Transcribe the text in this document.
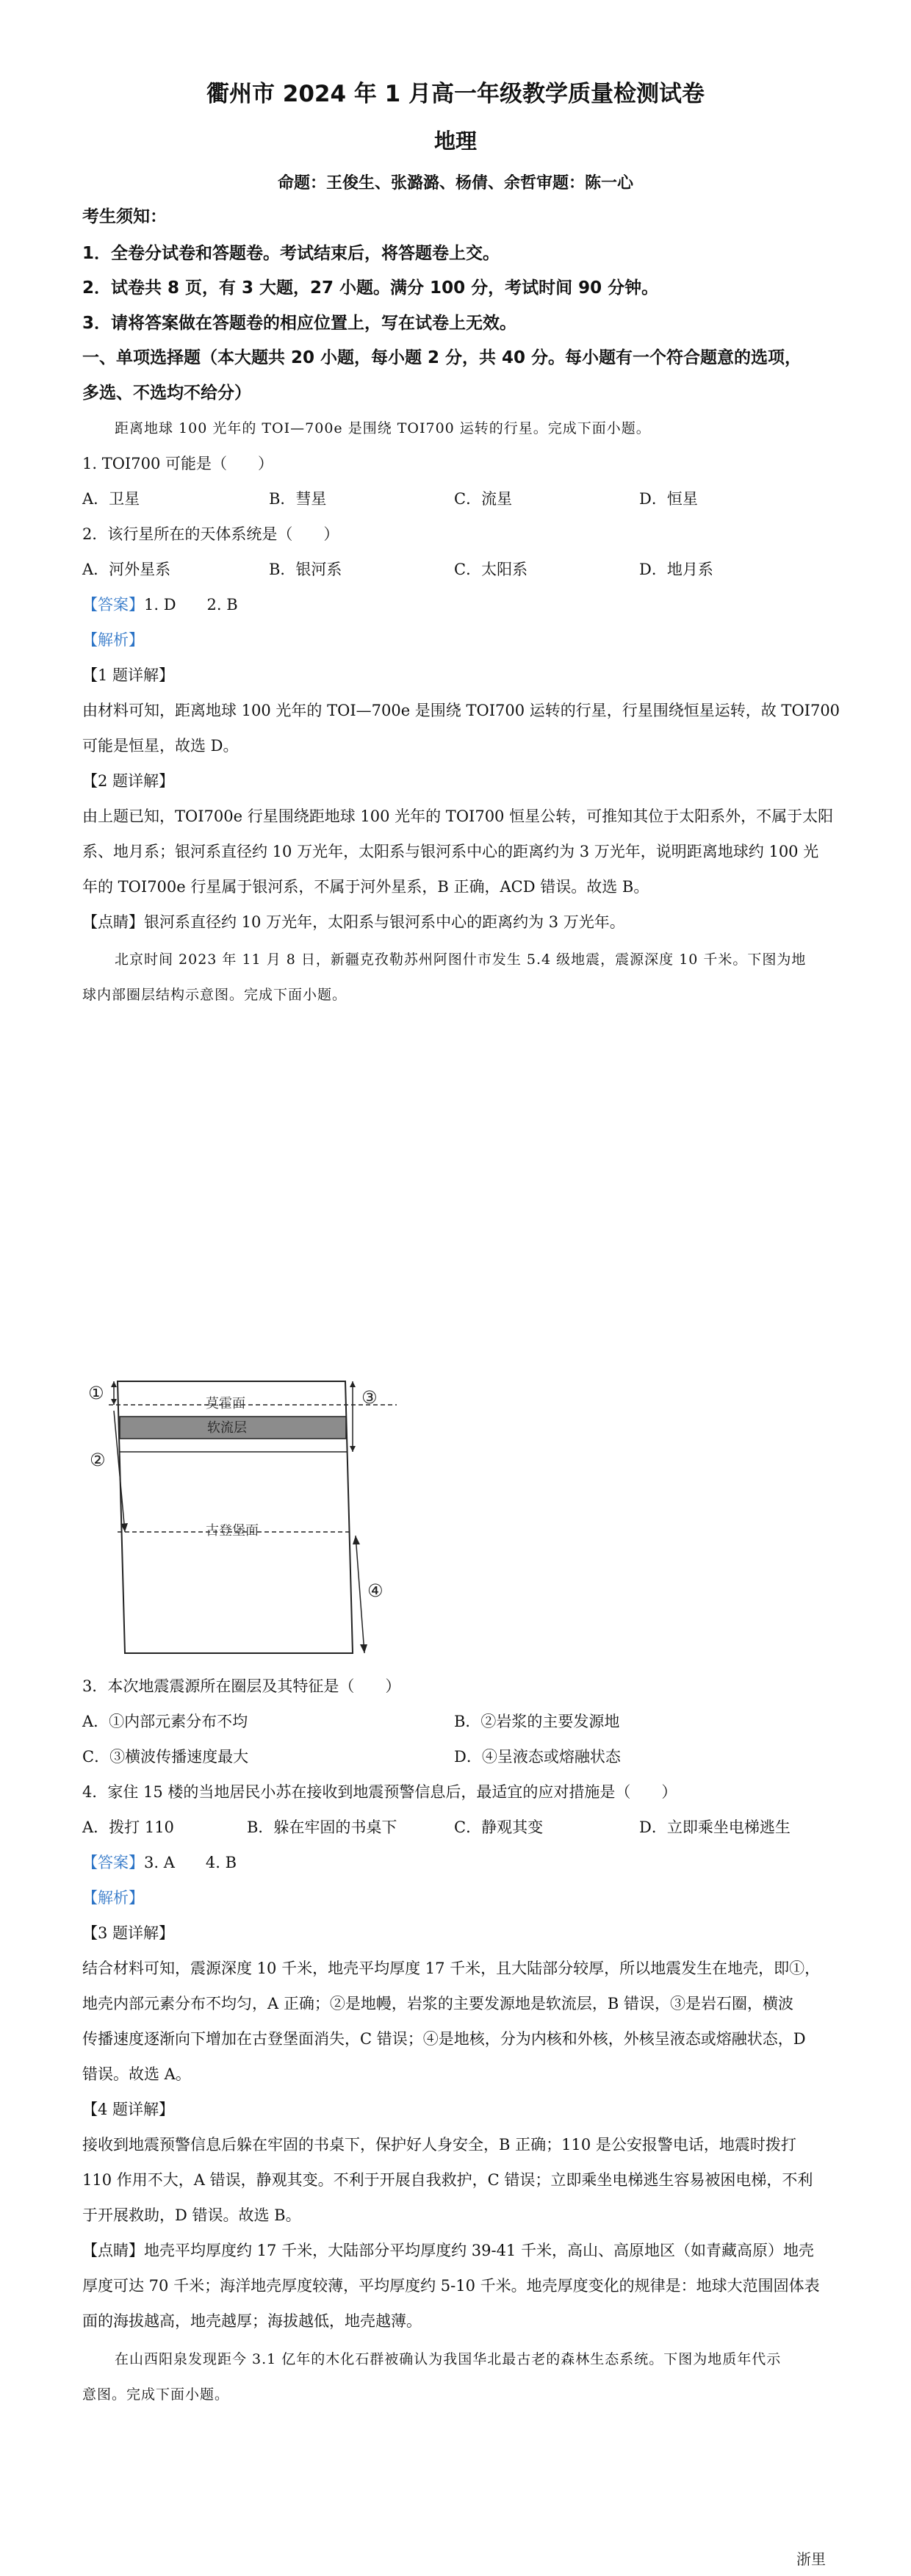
衢州市 2024 年 1 月高一年级教学质量检测试卷
地理
命题：王俊生、张潞潞、杨倩、余哲审题：陈一心
考生须知：
1．全卷分试卷和答题卷。考试结束后，将答题卷上交。
2．试卷共 8 页，有 3 大题，27 小题。满分 100 分，考试时间 90 分钟。
3．请将答案做在答题卷的相应位置上，写在试卷上无效。
一、单项选择题（本大题共 20 小题，每小题 2 分，共 40 分。每小题有一个符合题意的选项，
多选、不选均不给分）
距离地球 100 光年的 TOI—700e 是围绕 TOI700 运转的行星。完成下面小题。
1. TOI700 可能是（　　）
A．卫星	B．彗星	C．流星	D．恒星
2．该行星所在的天体系统是（　　）
A．河外星系	B．银河系	C．太阳系	D．地月系
【答案】1. D　　2. B
【解析】
【1 题详解】
由材料可知，距离地球 100 光年的 TOI—700e 是围绕 TOI700 运转的行星，行星围绕恒星运转，故 TOI700
可能是恒星，故选 D。
【2 题详解】
由上题已知，TOI700e 行星围绕距地球 100 光年的 TOI700 恒星公转，可推知其位于太阳系外，不属于太阳
系、地月系；银河系直径约 10 万光年，太阳系与银河系中心的距离约为 3 万光年，说明距离地球约 100 光
年的 TOI700e 行星属于银河系，不属于河外星系，B 正确，ACD 错误。故选 B。
【点睛】银河系直径约 10 万光年，太阳系与银河系中心的距离约为 3 万光年。
北京时间 2023 年 11 月 8 日，新疆克孜勒苏州阿图什市发生 5.4 级地震，震源深度 10 千米。下图为地
球内部圈层结构示意图。完成下面小题。
莫霍面
软流层
古登堡面
①
②
③
④
3．本次地震震源所在圈层及其特征是（　　）
A．①内部元素分布不均	B．②岩浆的主要发源地
C．③横波传播速度最大	D．④呈液态或熔融状态
4．家住 15 楼的当地居民小苏在接收到地震预警信息后，最适宜的应对措施是（　　）
A．拨打 110	B．躲在牢固的书桌下	C．静观其变	D．立即乘坐电梯逃生
【答案】3. A　　4. B
【解析】
【3 题详解】
结合材料可知，震源深度 10 千米，地壳平均厚度 17 千米，且大陆部分较厚，所以地震发生在地壳，即①，
地壳内部元素分布不均匀，A 正确；②是地幔，岩浆的主要发源地是软流层，B 错误，③是岩石圈，横波
传播速度逐渐向下增加在古登堡面消失，C 错误；④是地核，分为内核和外核，外核呈液态或熔融状态，D
错误。故选 A。
【4 题详解】
接收到地震预警信息后躲在牢固的书桌下，保护好人身安全，B 正确；110 是公安报警电话，地震时拨打
110 作用不大，A 错误，静观其变。不利于开展自我救护，C 错误；立即乘坐电梯逃生容易被困电梯，不利
于开展救助，D 错误。故选 B。
【点睛】地壳平均厚度约 17 千米，大陆部分平均厚度约 39-41 千米，高山、高原地区（如青藏高原）地壳
厚度可达 70 千米；海洋地壳厚度较薄，平均厚度约 5-10 千米。地壳厚度变化的规律是：地球大范围固体表
面的海拔越高，地壳越厚；海拔越低，地壳越薄。
在山西阳泉发现距今 3.1 亿年的木化石群被确认为我国华北最古老的森林生态系统。下图为地质年代示
意图。完成下面小题。
浙里
